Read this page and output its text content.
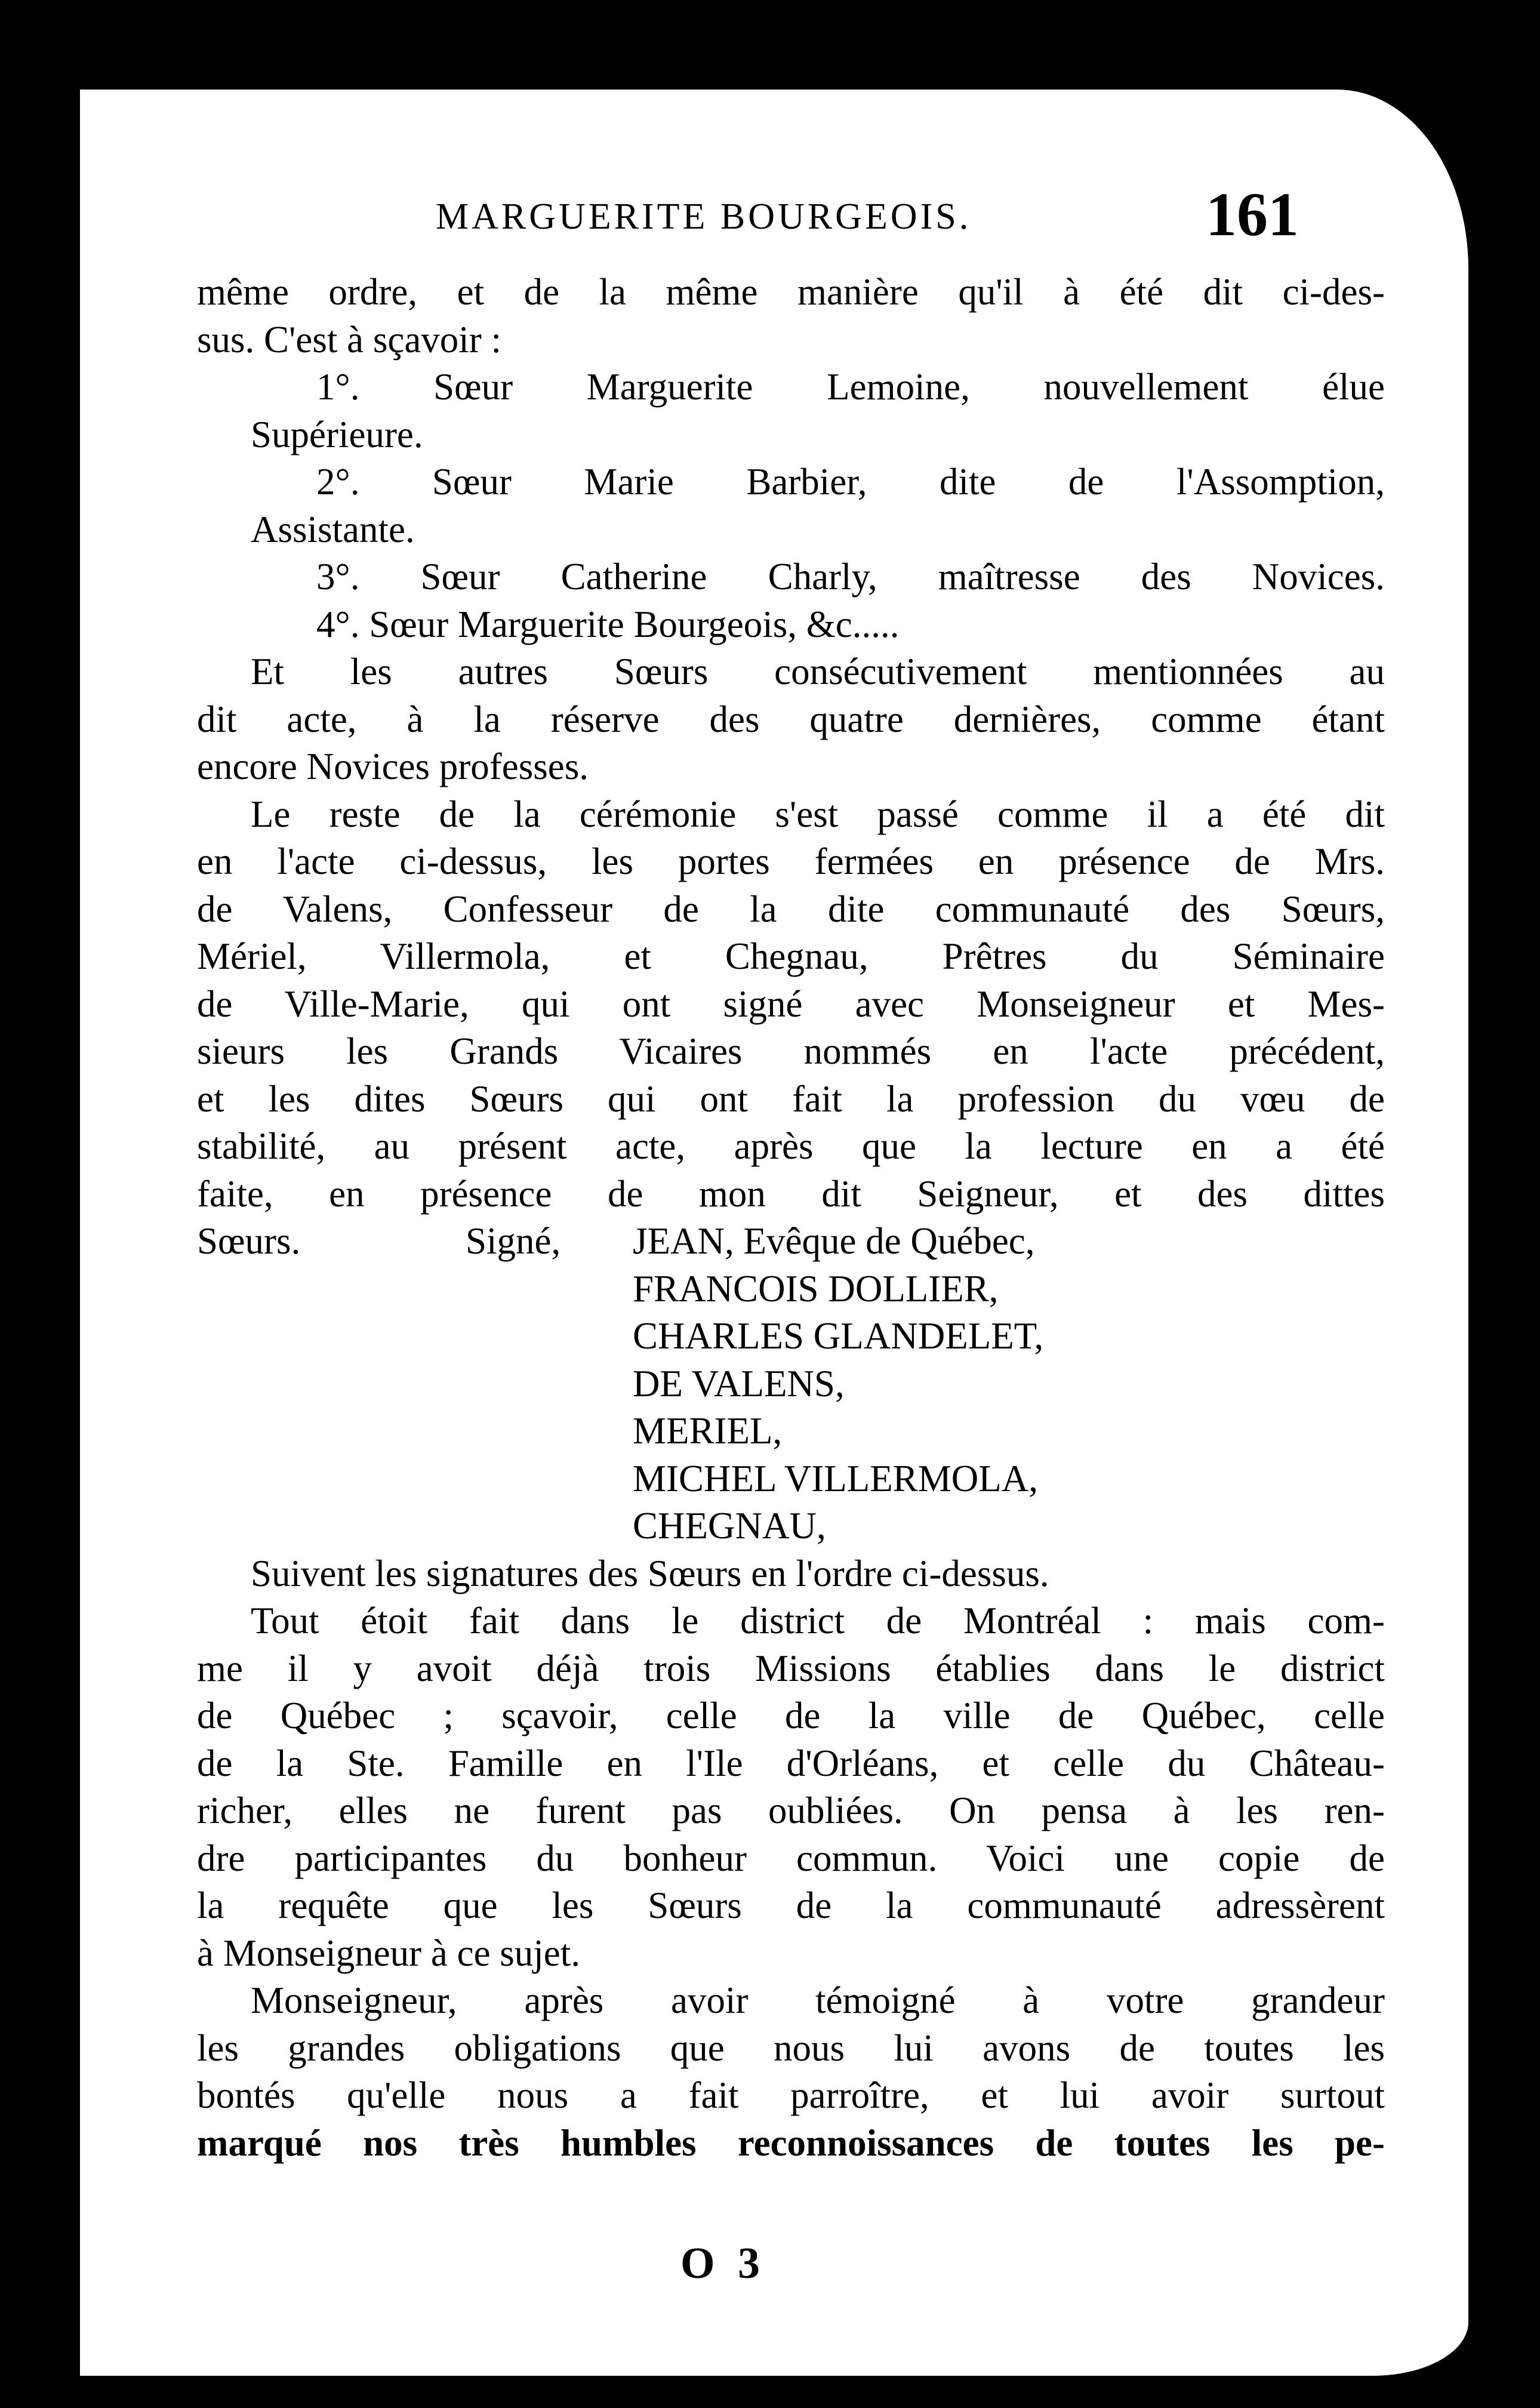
MARGUERITE BOURGEOIS.	161
même ordre, et de la même manière qu'il à été dit ci-des-
sus. C'est à sçavoir :
1°. Sœur Marguerite Lemoine, nouvellement élue
Supérieure.
2°. Sœur Marie Barbier, dite de l'Assomption,
Assistante.
3°. Sœur Catherine Charly, maîtresse des Novices.
4°. Sœur Marguerite Bourgeois, &c.....
Et les autres Sœurs consécutivement mentionnées au
dit acte, à la réserve des quatre dernières, comme étant
encore Novices professes.
Le reste de la cérémonie s'est passé comme il a été dit
en l'acte ci-dessus, les portes fermées en présence de Mrs.
de Valens, Confesseur de la dite communauté des Sœurs,
Mériel, Villermola, et Chegnau, Prêtres du Séminaire
de Ville-Marie, qui ont signé avec Monseigneur et Mes-
sieurs les Grands Vicaires nommés en l'acte précédent,
et les dites Sœurs qui ont fait la profession du vœu de
stabilité, au présent acte, après que la lecture en a été
faite, en présence de mon dit Seigneur, et des dittes
Sœurs.	Signé,	JEAN, Evêque de Québec,
FRANCOIS DOLLIER,
CHARLES GLANDELET,
DE VALENS,
MERIEL,
MICHEL VILLERMOLA,
CHEGNAU,
Suivent les signatures des Sœurs en l'ordre ci-dessus.
Tout étoit fait dans le district de Montréal : mais com-
me il y avoit déjà trois Missions établies dans le district
de Québec ; sçavoir, celle de la ville de Québec, celle
de la Ste. Famille en l'Ile d'Orléans, et celle du Château-
richer, elles ne furent pas oubliées. On pensa à les ren-
dre participantes du bonheur commun. Voici une copie de
la requête que les Sœurs de la communauté adressèrent
à Monseigneur à ce sujet.
Monseigneur, après avoir témoigné à votre grandeur
les grandes obligations que nous lui avons de toutes les
bontés qu'elle nous a fait parroître, et lui avoir surtout
marqué nos très humbles reconnoissances de toutes les pe-
O 3
